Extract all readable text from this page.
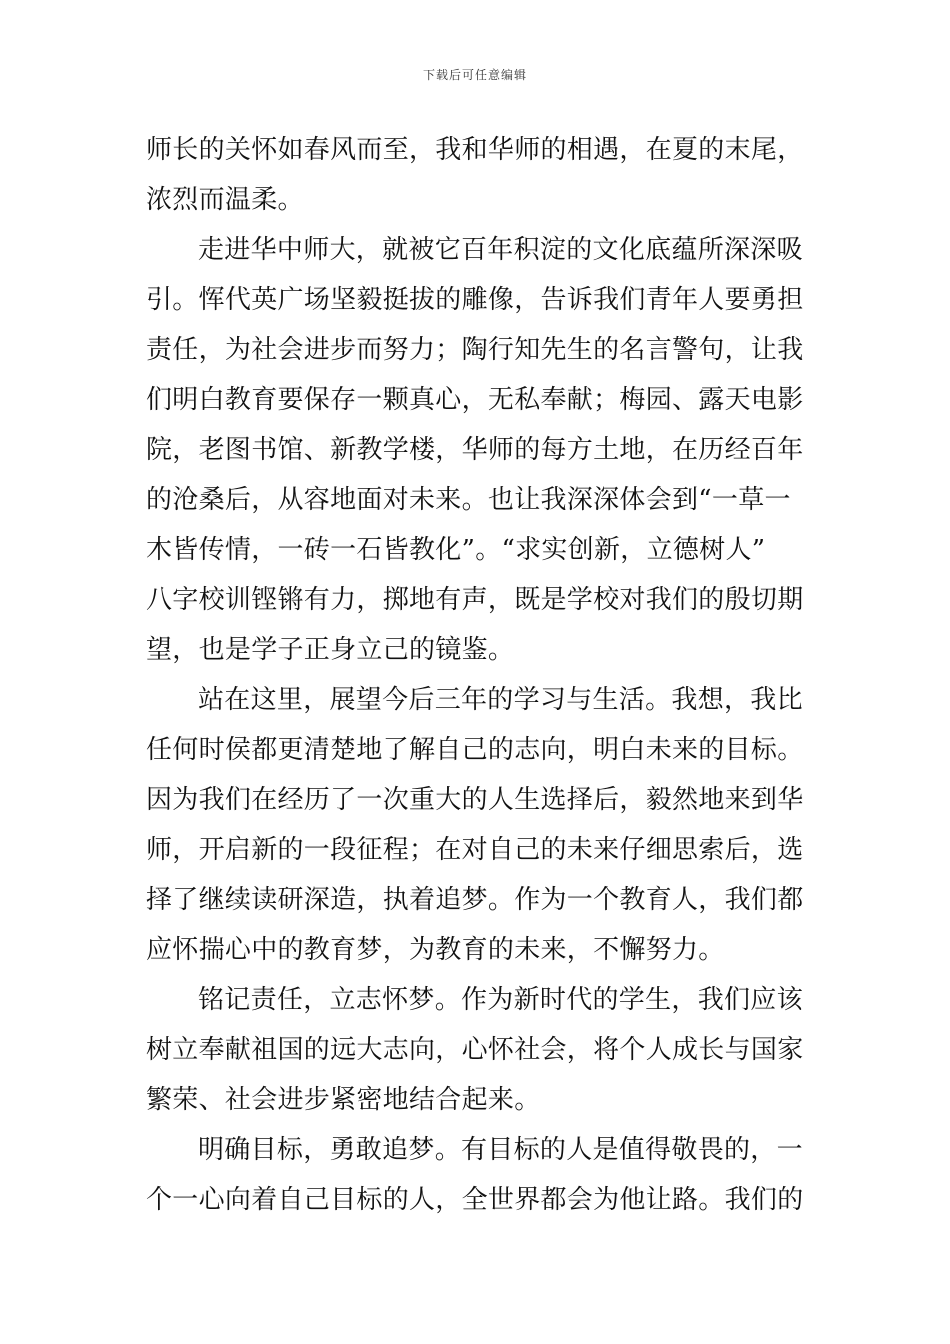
下载后可任意编辑
师长的关怀如春风而至，我和华师的相遇，在夏的末尾，
浓烈而温柔。
走进华中师大，就被它百年积淀的文化底蕴所深深吸
引。恽代英广场坚毅挺拔的雕像，告诉我们青年人要勇担
责任，为社会进步而努力；陶行知先生的名言警句，让我
们明白教育要保存一颗真心，无私奉献；梅园、露天电影
院，老图书馆、新教学楼，华师的每方土地，在历经百年
的沧桑后，从容地面对未来。也让我深深体会到“一草一
木皆传情，一砖一石皆教化”。“求实创新，立德树人”
八字校训铿锵有力，掷地有声，既是学校对我们的殷切期
望，也是学子正身立己的镜鉴。
站在这里，展望今后三年的学习与生活。我想，我比
任何时侯都更清楚地了解自己的志向，明白未来的目标。
因为我们在经历了一次重大的人生选择后，毅然地来到华
师，开启新的一段征程；在对自己的未来仔细思索后，选
择了继续读研深造，执着追梦。作为一个教育人，我们都
应怀揣心中的教育梦，为教育的未来，不懈努力。
铭记责任，立志怀梦。作为新时代的学生，我们应该
树立奉献祖国的远大志向，心怀社会，将个人成长与国家
繁荣、社会进步紧密地结合起来。
明确目标，勇敢追梦。有目标的人是值得敬畏的，一
个一心向着自己目标的人，全世界都会为他让路。我们的
